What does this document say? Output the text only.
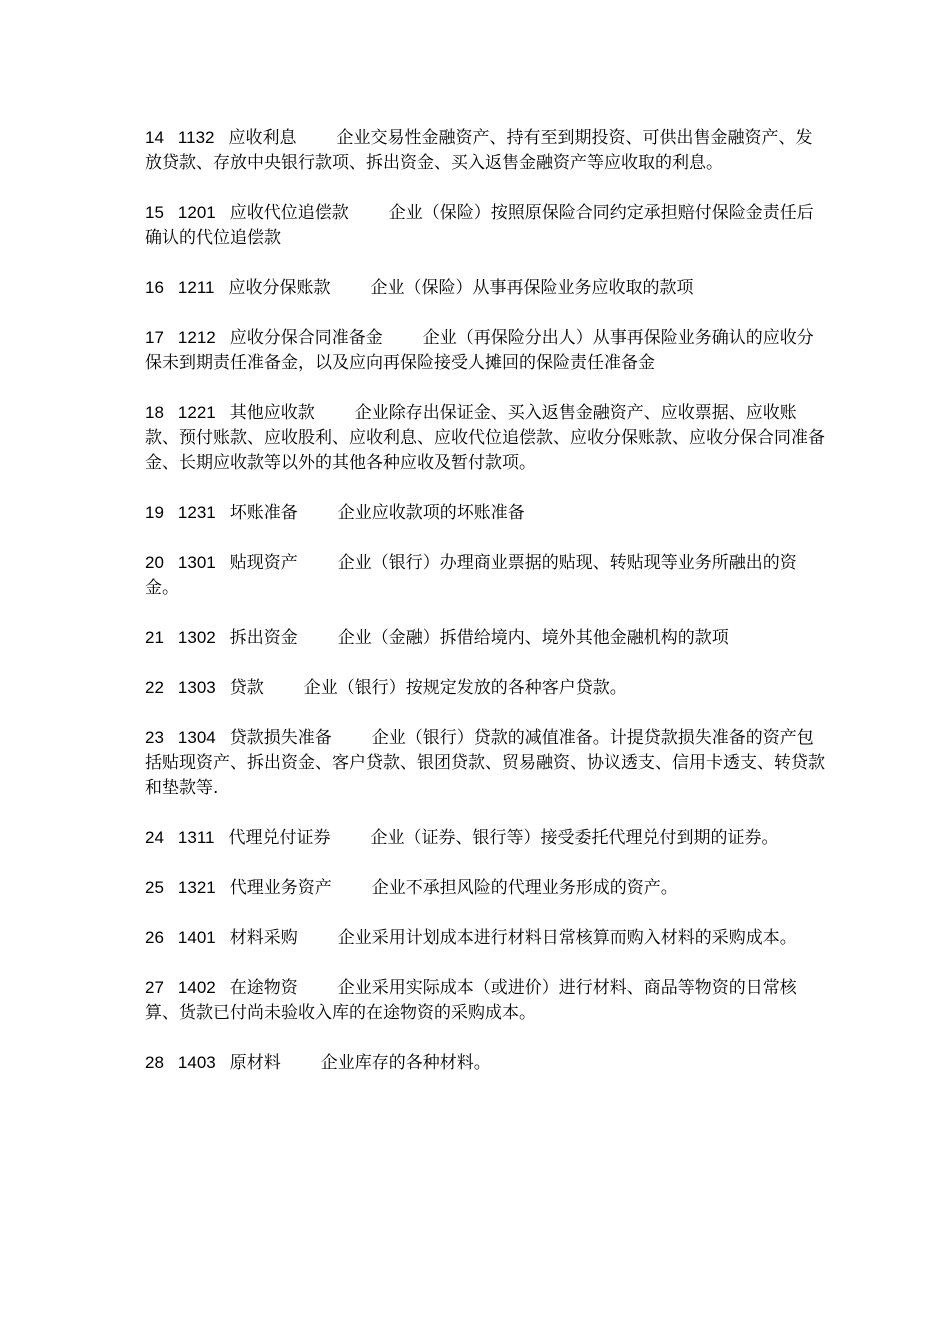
14 1132 应收利息 企业交易性金融资产、持有至到期投资、可供出售金融资产、发放贷款、存放中央银行款项、拆出资金、买入返售金融资产等应收取的利息。

15 1201 应收代位追偿款 企业（保险）按照原保险合同约定承担赔付保险金责任后确认的代位追偿款

16 1211 应收分保账款 企业（保险）从事再保险业务应收取的款项

17 1212 应收分保合同准备金 企业（再保险分出人）从事再保险业务确认的应收分保未到期责任准备金，以及应向再保险接受人摊回的保险责任准备金

18 1221 其他应收款 企业除存出保证金、买入返售金融资产、应收票据、应收账款、预付账款、应收股利、应收利息、应收代位追偿款、应收分保账款、应收分保合同准备金、长期应收款等以外的其他各种应收及暂付款项。

19 1231 坏账准备 企业应收款项的坏账准备

20 1301 贴现资产 企业（银行）办理商业票据的贴现、转贴现等业务所融出的资金。

21 1302 拆出资金 企业（金融）拆借给境内、境外其他金融机构的款项

22 1303 贷款 企业（银行）按规定发放的各种客户贷款。

23 1304 贷款损失准备 企业（银行）贷款的减值准备。计提贷款损失准备的资产包括贴现资产、拆出资金、客户贷款、银团贷款、贸易融资、协议透支、信用卡透支、转贷款和垫款等.

24 1311 代理兑付证券 企业（证券、银行等）接受委托代理兑付到期的证券。

25 1321 代理业务资产 企业不承担风险的代理业务形成的资产。

26 1401 材料采购 企业采用计划成本进行材料日常核算而购入材料的采购成本。

27 1402 在途物资 企业采用实际成本（或进价）进行材料、商品等物资的日常核算、货款已付尚未验收入库的在途物资的采购成本。

28 1403 原材料 企业库存的各种材料。
